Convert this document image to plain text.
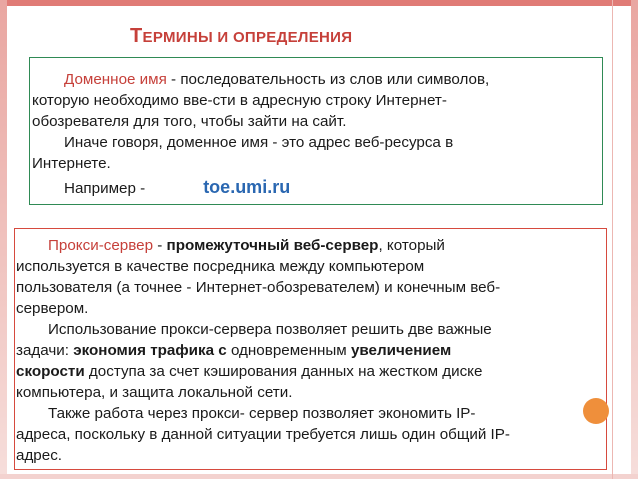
ТЕРМИНЫ И ОПРЕДЕЛЕНИЯ

Доменное имя - последовательность из слов или символов,

которую необходимо вве-сти в адресную строку Интернет-

обозревателя для того, чтобы зайти на сайт.

Иначе говоря, доменное имя - это адрес веб-ресурса в

Интернете.

Например -	toe.umi.ru

Прокси-сервер - промежуточный веб-сервер, который

используется в качестве посредника между компьютером

пользователя (а точнее - Интернет-обозревателем) и конечным веб-

сервером.

Использование прокси-сервера позволяет решить две важные

задачи: экономия трафика с одновременным увеличением

скорости доступа за счет кэширования данных на жестком диске

компьютера, и защита локальной сети.

Также работа через прокси- сервер позволяет экономить IP-

адреса, поскольку в данной ситуации требуется лишь один общий IP-

адрес.
